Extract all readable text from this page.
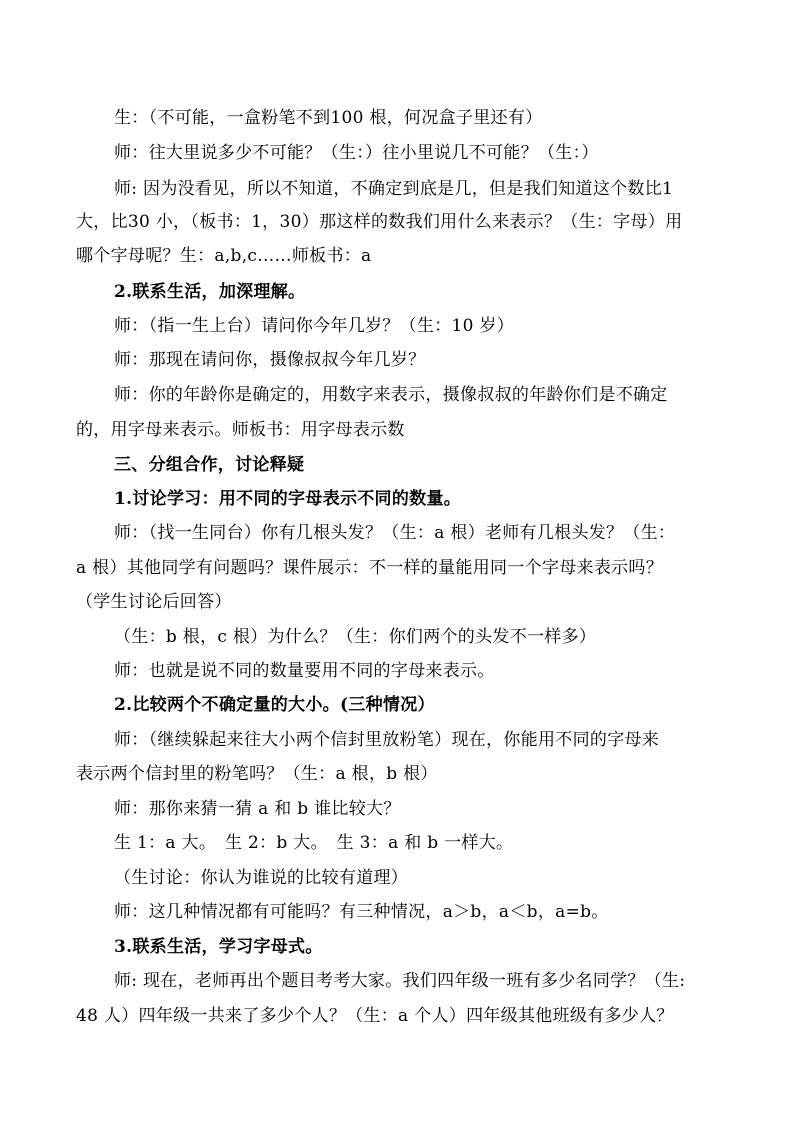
生：（不可能，一盒粉笔不到100 根，何况盒子里还有）
师：往大里说多少不可能？（生：）往小里说几不可能？（生：）
师: 因为没看见，所以不知道，不确定到底是几，但是我们知道这个数比1
大，比30 小，（板书：1，30）那这样的数我们用什么来表示？（生：字母）用
哪个字母呢？生：a,b,c……师板书：a
2.联系生活，加深理解。
师：（指一生上台）请问你今年几岁？（生：10 岁）
师：那现在请问你，摄像叔叔今年几岁？
师：你的年龄你是确定的，用数字来表示，摄像叔叔的年龄你们是不确定
的，用字母来表示。师板书：用字母表示数
三、分组合作，讨论释疑
1.讨论学习：用不同的字母表示不同的数量。
师：（找一生同台）你有几根头发？（生：a 根）老师有几根头发？（生：
a 根）其他同学有问题吗？课件展示：不一样的量能用同一个字母来表示吗？
（学生讨论后回答）
（生：b 根，c 根）为什么？（生：你们两个的头发不一样多）
师：也就是说不同的数量要用不同的字母来表示。
2.比较两个不确定量的大小。(三种情况）
师：（继续躲起来往大小两个信封里放粉笔）现在，你能用不同的字母来
表示两个信封里的粉笔吗？（生：a 根，b 根）
师：那你来猜一猜 a 和 b 谁比较大？
生 1：a 大。　生 2：b 大。　生 3：a 和 b 一样大。
（生讨论：你认为谁说的比较有道理）
师：这几种情况都有可能吗？有三种情况，a＞b，a＜b，a=b。
3.联系生活，学习字母式。
师: 现在，老师再出个题目考考大家。我们四年级一班有多少名同学？（生:
48 人）四年级一共来了多少个人？（生：a 个人）四年级其他班级有多少人？
